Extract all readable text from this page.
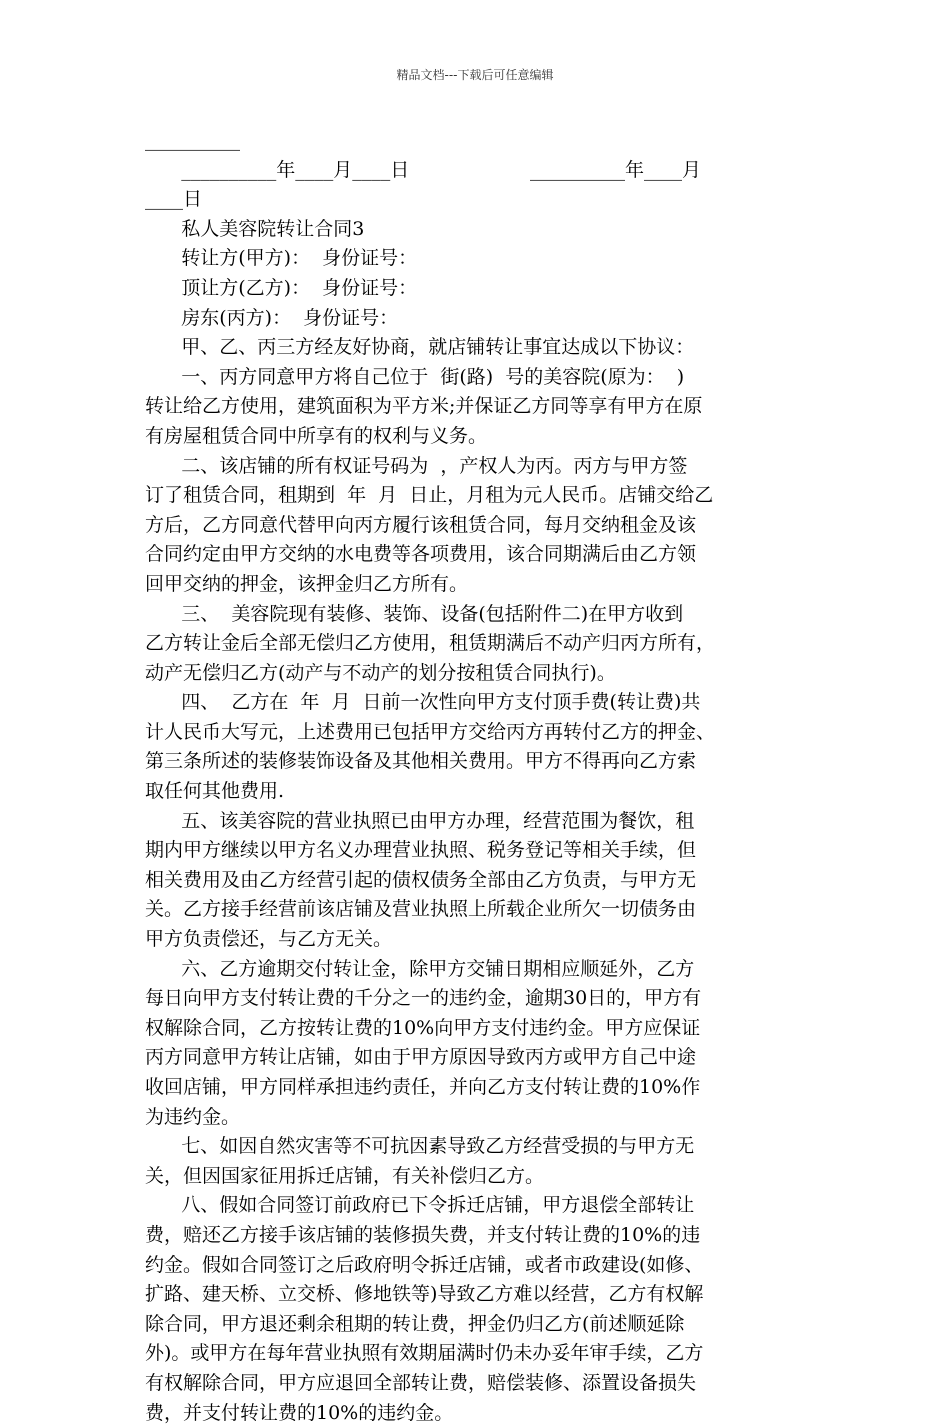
精品文档---下载后可任意编辑
__________
__________年____月____日                    __________年____月
____日
私人美容院转让合同3
转让方(甲方)：  身份证号：
顶让方(乙方)：  身份证号：
房东(丙方)：  身份证号：
甲、乙、丙三方经友好协商，就店铺转让事宜达成以下协议：
一、丙方同意甲方将自己位于  街(路)  号的美容院(原为：  )
转让给乙方使用，建筑面积为平方米;并保证乙方同等享有甲方在原
有房屋租赁合同中所享有的权利与义务。
二、该店铺的所有权证号码为  ，产权人为丙。丙方与甲方签
订了租赁合同，租期到  年  月  日止，月租为元人民币。店铺交给乙
方后，乙方同意代替甲向丙方履行该租赁合同，每月交纳租金及该
合同约定由甲方交纳的水电费等各项费用，该合同期满后由乙方领
回甲交纳的押金，该押金归乙方所有。
三、  美容院现有装修、装饰、设备(包括附件二)在甲方收到
乙方转让金后全部无偿归乙方使用，租赁期满后不动产归丙方所有，
动产无偿归乙方(动产与不动产的划分按租赁合同执行)。
四、  乙方在  年  月  日前一次性向甲方支付顶手费(转让费)共
计人民币大写元，上述费用已包括甲方交给丙方再转付乙方的押金、
第三条所述的装修装饰设备及其他相关费用。甲方不得再向乙方索
取任何其他费用.
五、该美容院的营业执照已由甲方办理，经营范围为餐饮，租
期内甲方继续以甲方名义办理营业执照、税务登记等相关手续，但
相关费用及由乙方经营引起的债权债务全部由乙方负责，与甲方无
关。乙方接手经营前该店铺及营业执照上所载企业所欠一切债务由
甲方负责偿还，与乙方无关。
六、乙方逾期交付转让金，除甲方交铺日期相应顺延外，乙方
每日向甲方支付转让费的千分之一的违约金，逾期30日的，甲方有
权解除合同，乙方按转让费的10%向甲方支付违约金。甲方应保证
丙方同意甲方转让店铺，如由于甲方原因导致丙方或甲方自己中途
收回店铺，甲方同样承担违约责任，并向乙方支付转让费的10%作
为违约金。
七、如因自然灾害等不可抗因素导致乙方经营受损的与甲方无
关，但因国家征用拆迁店铺，有关补偿归乙方。
八、假如合同签订前政府已下令拆迁店铺，甲方退偿全部转让
费，赔还乙方接手该店铺的装修损失费，并支付转让费的10%的违
约金。假如合同签订之后政府明令拆迁店铺，或者市政建设(如修、
扩路、建天桥、立交桥、修地铁等)导致乙方难以经营，乙方有权解
除合同，甲方退还剩余租期的转让费，押金仍归乙方(前述顺延除
外)。或甲方在每年营业执照有效期届满时仍未办妥年审手续，乙方
有权解除合同，甲方应退回全部转让费，赔偿装修、添置设备损失
费，并支付转让费的10%的违约金。
